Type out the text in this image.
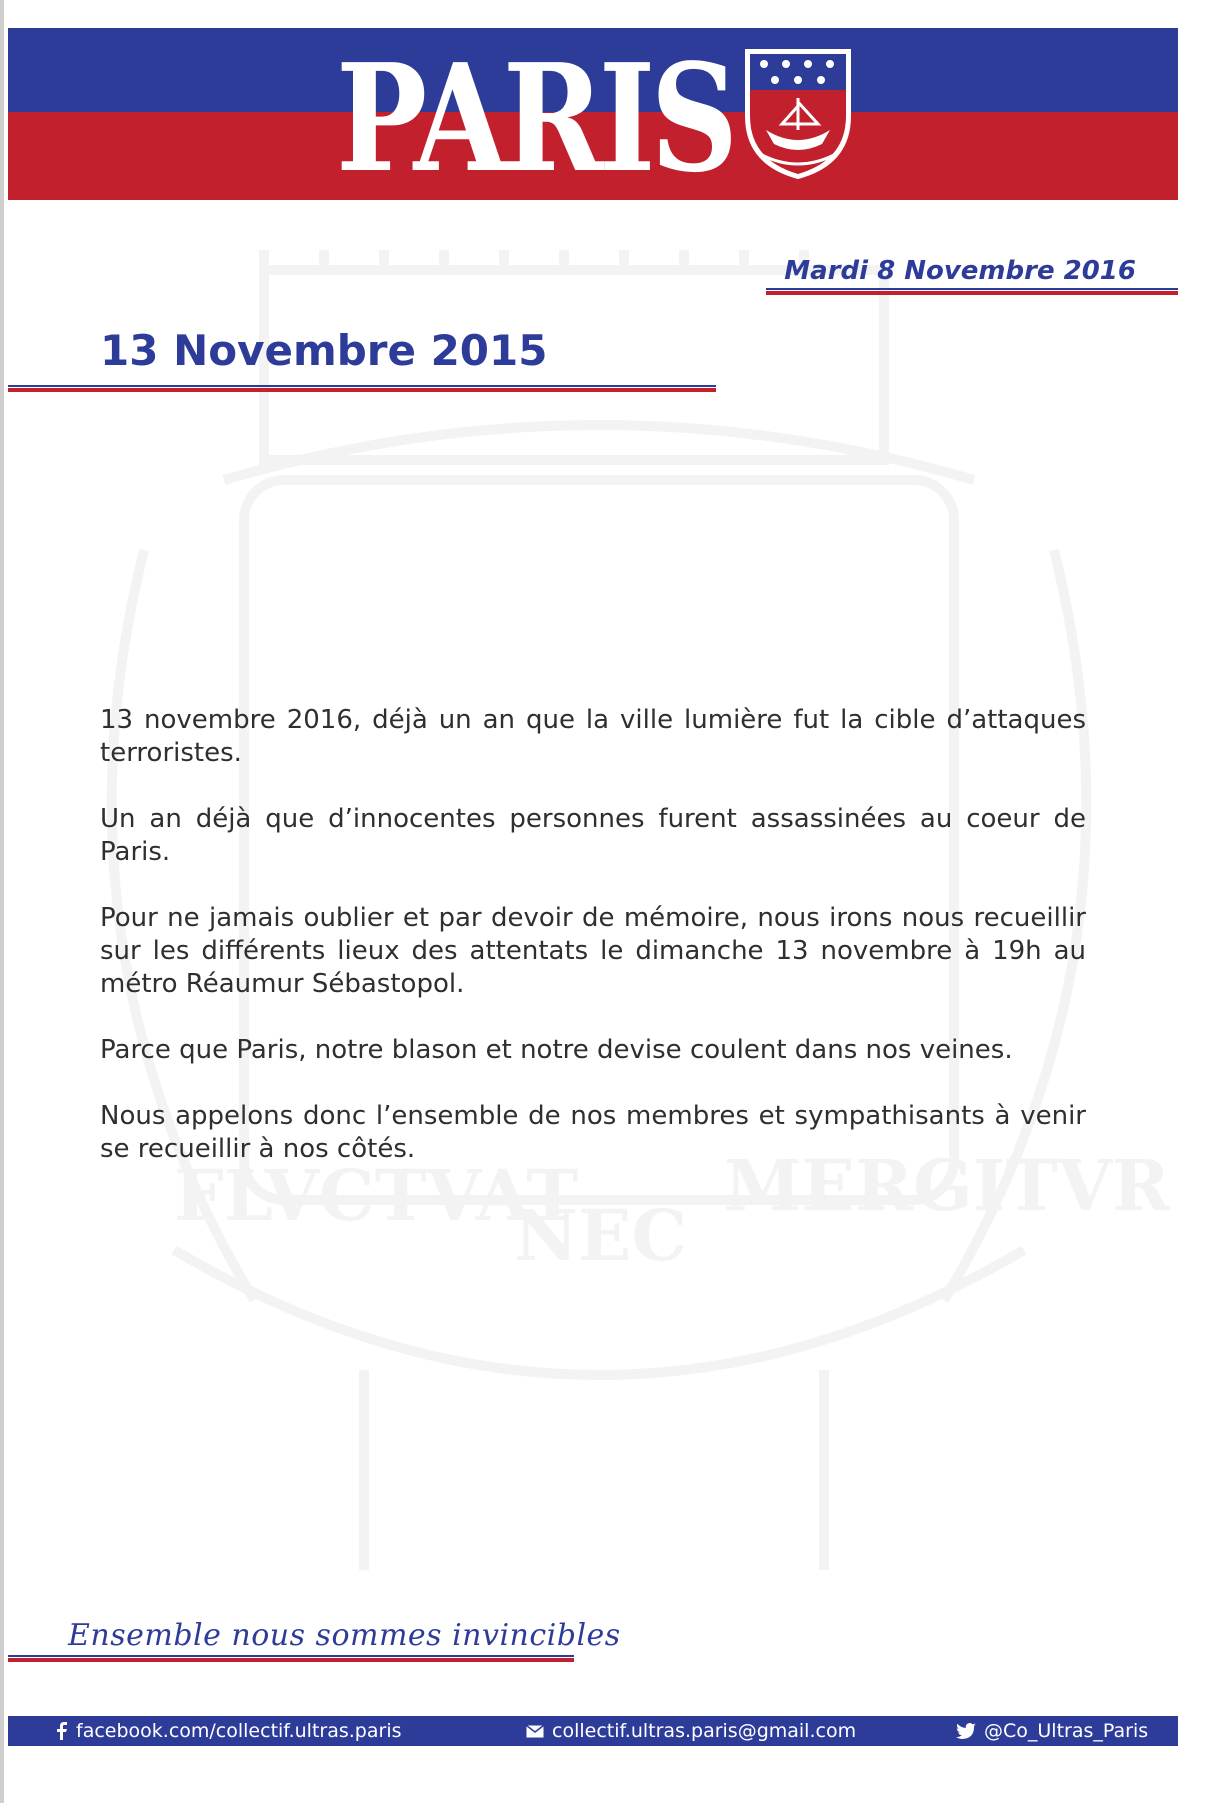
FLVCTVAT
NEC
MERGITVR
PARIS
Mardi 8 Novembre 2016
13 Novembre 2015

13 novembre 2016, déjà un an que la ville lumière fut la cible d’attaques terroristes.

Un an déjà que d’innocentes personnes furent assassinées au coeur de Paris.

Pour ne jamais oublier et par devoir de mémoire, nous irons nous recueillir sur les différents lieux des attentats le dimanche 13 novembre à 19h au métro Réaumur Sébastopol.

Parce que Paris, notre blason et notre devise coulent dans nos veines.

Nous appelons donc l’ensemble de nos membres et sympathisants à venir se recueillir à nos côtés.

Ensemble nous sommes invincibles
facebook.com/collectif.ultras.paris	collectif.ultras.paris@gmail.com	@Co_Ultras_Paris
